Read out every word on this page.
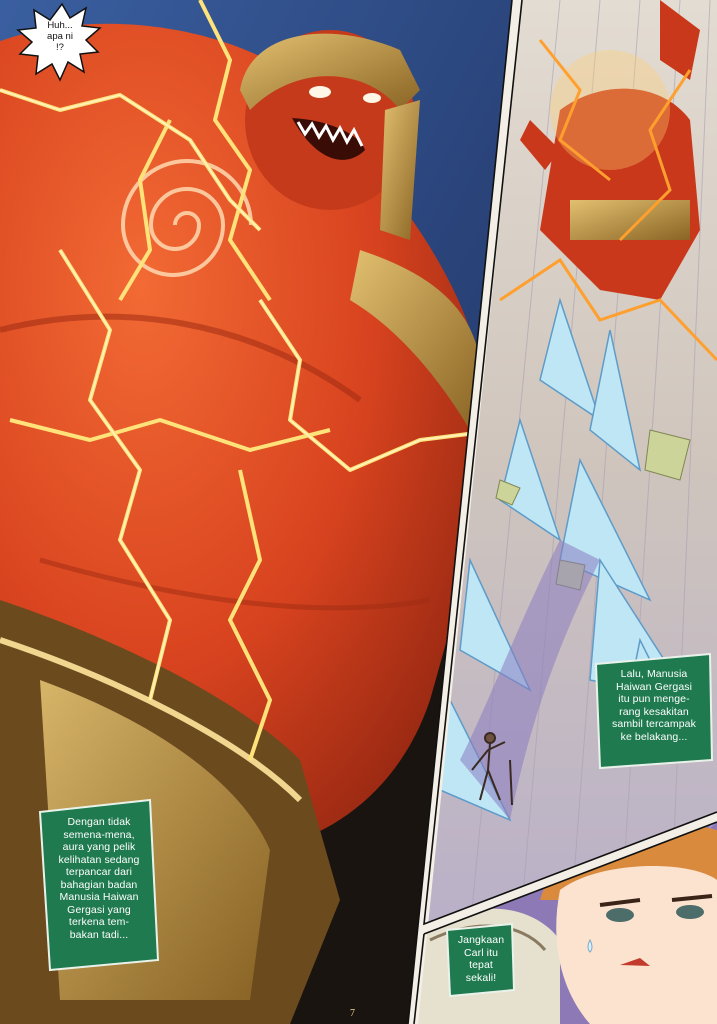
7
Huh...
apa ni
!?
Dengan tidak
semena-mena,
aura yang pelik
kelihatan sedang
terpancar dari
bahagian badan
Manusia Haiwan
Gergasi yang
terkena tem-
bakan tadi...
Lalu, Manusia
Haiwan Gergasi
itu pun menge-
rang kesakitan
sambil tercampak
ke belakang...
Jangkaan
Carl itu
tepat
sekali!
